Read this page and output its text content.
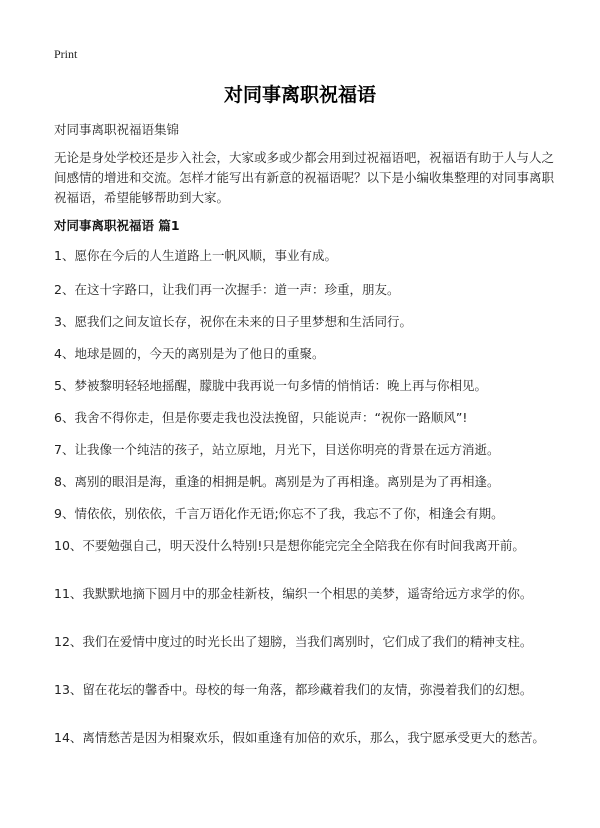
Print
对同事离职祝福语
对同事离职祝福语集锦
无论是身处学校还是步入社会，大家或多或少都会用到过祝福语吧，祝福语有助于人与人之间感情的增进和交流。怎样才能写出有新意的祝福语呢？以下是小编收集整理的对同事离职祝福语，希望能够帮助到大家。
对同事离职祝福语 篇1
1、愿你在今后的人生道路上一帆风顺，事业有成。
2、在这十字路口，让我们再一次握手：道一声：珍重，朋友。
3、愿我们之间友谊长存，祝你在未来的日子里梦想和生活同行。
4、地球是圆的，今天的离别是为了他日的重聚。
5、梦被黎明轻轻地摇醒，朦胧中我再说一句多情的悄悄话：晚上再与你相见。
6、我舍不得你走，但是你要走我也没法挽留，只能说声：“祝你一路顺风”!
7、让我像一个纯洁的孩子，站立原地，月光下，目送你明亮的背景在远方消逝。
8、离别的眼泪是海，重逢的相拥是帆。离别是为了再相逢。离别是为了再相逢。
9、情依依，别依依，千言万语化作无语;你忘不了我，我忘不了你，相逢会有期。
10、不要勉强自己，明天没什么特别!只是想你能完完全全陪我在你有时间我离开前。
11、我默默地摘下圆月中的那金桂新枝，编织一个相思的美梦，遥寄给远方求学的你。
12、我们在爱情中度过的时光长出了翅膀，当我们离别时，它们成了我们的精神支柱。
13、留在花坛的馨香中。母校的每一角落，都珍藏着我们的友情，弥漫着我们的幻想。
14、离情愁苦是因为相聚欢乐，假如重逢有加倍的欢乐，那么，我宁愿承受更大的愁苦。
